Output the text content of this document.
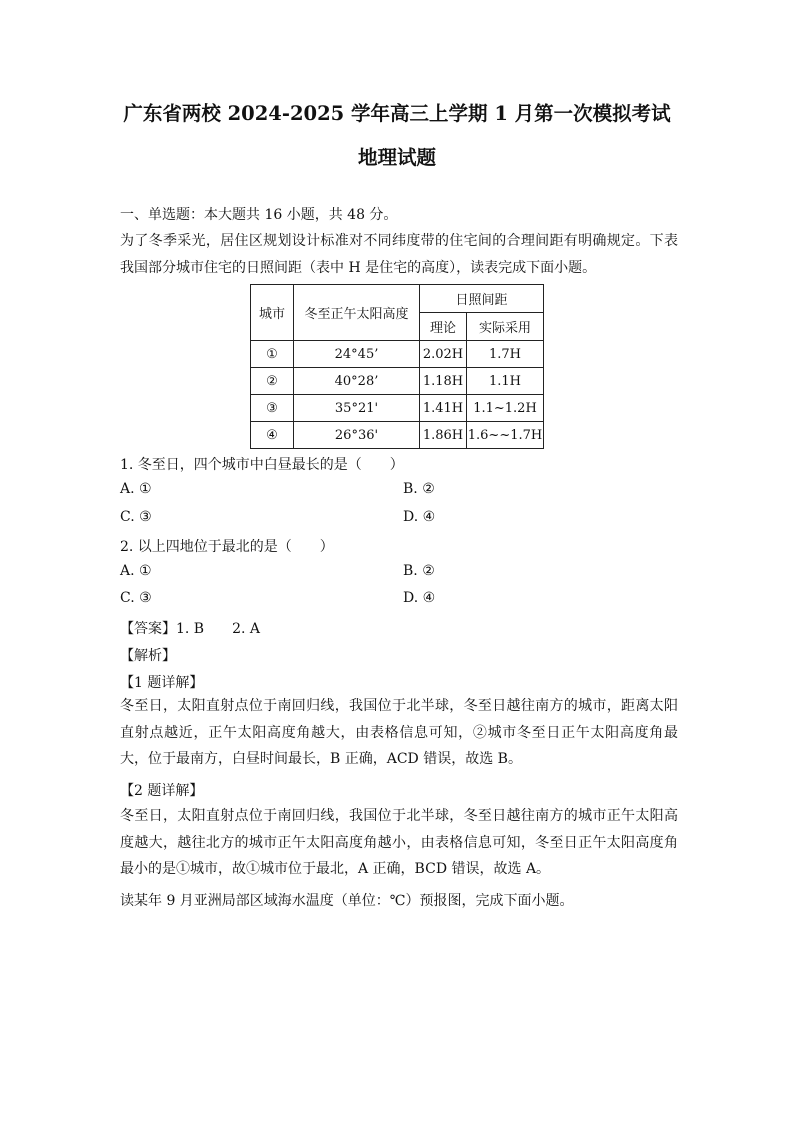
广东省两校 2024-2025 学年高三上学期 1 月第一次模拟考试
地理试题
一、单选题：本大题共 16 小题，共 48 分。

为了冬季采光，居住区规划设计标准对不同纬度带的住宅间的合理间距有明确规定。下表我国部分城市住宅的日照间距（表中 H 是住宅的高度），读表完成下面小题。

城市	冬至正午太阳高度	日照间距	
		理论	实际采用
①	24°45’	2.02H	1.7H
②	40°28’	1.18H	1.1H
③	35°21'	1.41H	1.1~1.2H
④	26°36'	1.86H	1.6~~1.7H
1. 冬至日，四个城市中白昼最长的是（　　）
A. ①	B. ②
C. ③	D. ④
2. 以上四地位于最北的是（　　）
A. ①	B. ②
C. ③	D. ④
【答案】1. B　　2. A
【解析】
【1 题详解】

冬至日，太阳直射点位于南回归线，我国位于北半球，冬至日越往南方的城市，距离太阳直射点越近，正午太阳高度角越大，由表格信息可知，②城市冬至日正午太阳高度角最大，位于最南方，白昼时间最长，B 正确，ACD 错误，故选 B。

【2 题详解】

冬至日，太阳直射点位于南回归线，我国位于北半球，冬至日越往南方的城市正午太阳高度越大，越往北方的城市正午太阳高度角越小，由表格信息可知，冬至日正午太阳高度角最小的是①城市，故①城市位于最北，A 正确，BCD 错误，故选 A。

读某年 9 月亚洲局部区域海水温度（单位：℃）预报图，完成下面小题。
